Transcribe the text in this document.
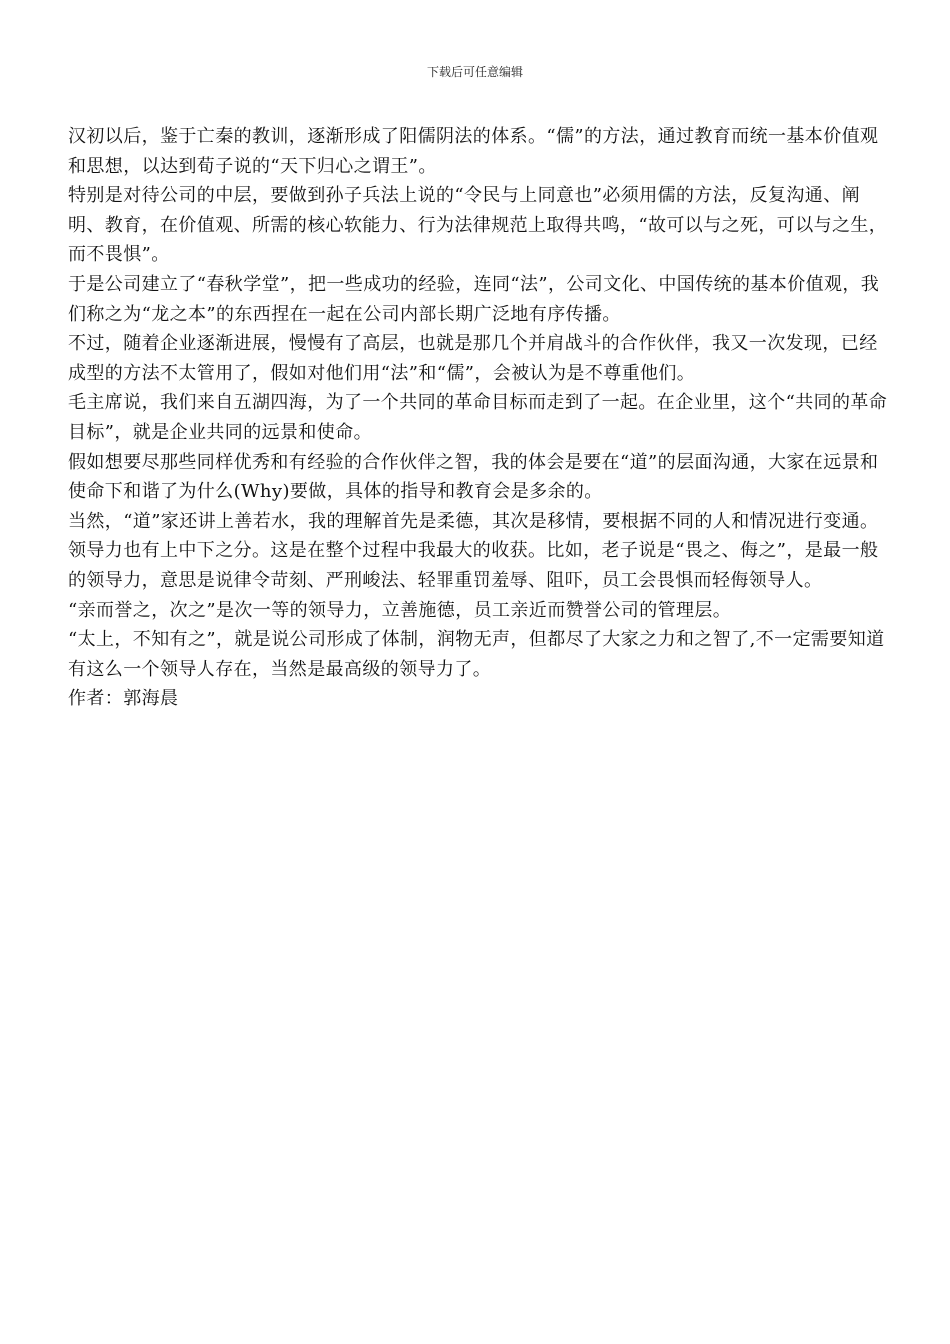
下载后可任意编辑

汉初以后，鉴于亡秦的教训，逐渐形成了阳儒阴法的体系。“儒”的方法，通过教育而统一基本价值观和思想，以达到荀子说的“天下归心之谓王”。

特别是对待公司的中层，要做到孙子兵法上说的“令民与上同意也”必须用儒的方法，反复沟通、阐明、教育，在价值观、所需的核心软能力、行为法律规范上取得共鸣，“故可以与之死，可以与之生，而不畏惧”。

于是公司建立了“春秋学堂”，把一些成功的经验，连同“法”，公司文化、中国传统的基本价值观，我们称之为“龙之本”的东西捏在一起在公司内部长期广泛地有序传播。

不过，随着企业逐渐进展，慢慢有了高层，也就是那几个并肩战斗的合作伙伴，我又一次发现，已经成型的方法不太管用了，假如对他们用“法”和“儒”，会被认为是不尊重他们。

毛主席说，我们来自五湖四海，为了一个共同的革命目标而走到了一起。在企业里，这个“共同的革命目标”，就是企业共同的远景和使命。

假如想要尽那些同样优秀和有经验的合作伙伴之智，我的体会是要在“道”的层面沟通，大家在远景和使命下和谐了为什么(Why)要做，具体的指导和教育会是多余的。

当然，“道”家还讲上善若水，我的理解首先是柔德，其次是移情，要根据不同的人和情况进行变通。

领导力也有上中下之分。这是在整个过程中我最大的收获。比如，老子说是“畏之、侮之”，是最一般的领导力，意思是说律令苛刻、严刑峻法、轻罪重罚羞辱、阻吓，员工会畏惧而轻侮领导人。

“亲而誉之，次之”是次一等的领导力，立善施德，员工亲近而赞誉公司的管理层。

“太上，不知有之”，就是说公司形成了体制，润物无声，但都尽了大家之力和之智了,不一定需要知道有这么一个领导人存在，当然是最高级的领导力了。

作者：郭海晨
